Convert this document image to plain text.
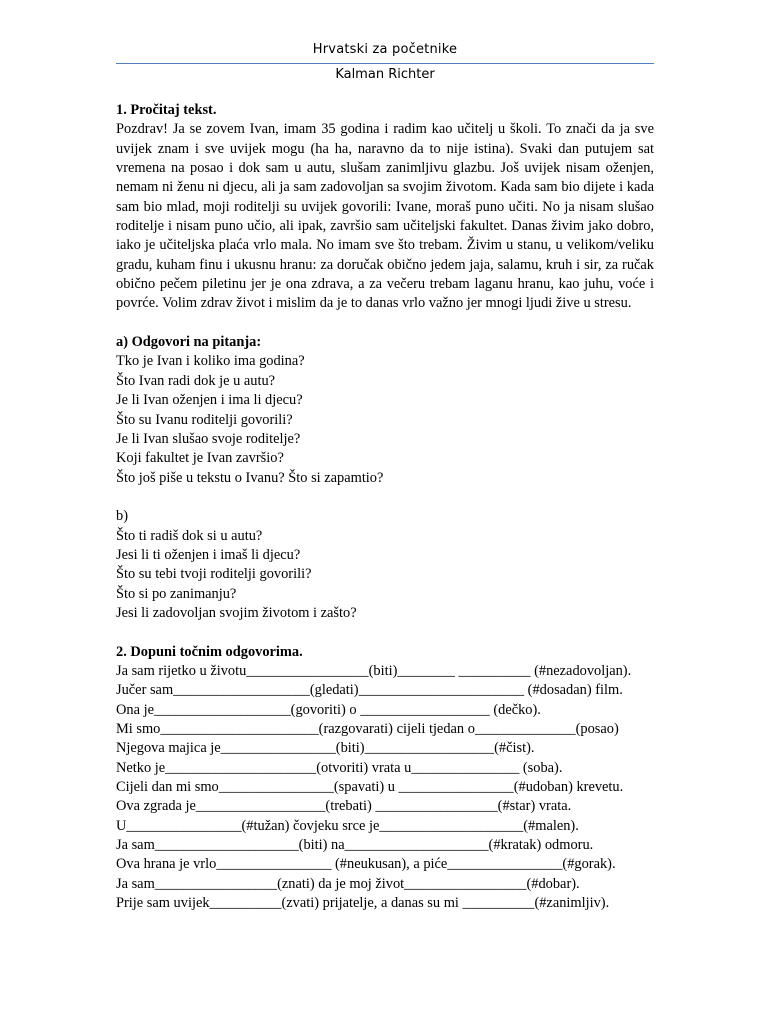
Hrvatski za početnike
Kalman Richter
1. Pročitaj tekst.
Pozdrav! Ja se zovem Ivan, imam 35 godina i radim kao učitelj u školi. To znači da ja sve uvijek znam i sve uvijek mogu (ha ha, naravno da to nije istina). Svaki dan putujem sat vremena na posao i dok sam u autu, slušam zanimljivu glazbu. Još uvijek nisam oženjen, nemam ni ženu ni djecu, ali ja sam zadovoljan sa svojim životom. Kada sam bio dijete i kada sam bio mlad, moji roditelji su uvijek govorili: Ivane, moraš puno učiti. No ja nisam slušao roditelje i nisam puno učio, ali ipak, završio sam učiteljski fakultet. Danas živim jako dobro, iako je učiteljska plaća vrlo mala. No imam sve što trebam. Živim u stanu, u velikom/veliku gradu, kuham finu i ukusnu hranu: za doručak obično jedem jaja, salamu, kruh i sir, za ručak obično pečem piletinu jer je ona zdrava, a za večeru trebam laganu hranu, kao juhu, voće i povrće. Volim zdrav život i mislim da je to danas vrlo važno jer mnogi ljudi žive u stresu.
a) Odgovori na pitanja:
Tko je Ivan i koliko ima godina?
Što Ivan radi dok je u autu?
Je li Ivan oženjen i ima li djecu?
Što su Ivanu roditelji govorili?
Je li Ivan slušao svoje roditelje?
Koji fakultet je Ivan završio?
Što još piše u tekstu o Ivanu? Što si zapamtio?
b)
Što ti radiš dok si u autu?
Jesi li ti oženjen i imaš li djecu?
Što su tebi tvoji roditelji govorili?
Što si po zanimanju?
Jesi li zadovoljan svojim životom i zašto?
2. Dopuni točnim odgovorima.
Ja sam rijetko u životu_________________(biti)________ __________ (#nezadovoljan).
Jučer sam___________________(gledati)_______________________ (#dosadan) film.
Ona je___________________(govoriti) o __________________ (dečko).
Mi smo______________________(razgovarati) cijeli tjedan o______________(posao)
Njegova majica je________________(biti)__________________(#čist).
Netko je_____________________(otvoriti) vrata u_______________ (soba).
Cijeli dan mi smo________________(spavati) u ________________(#udoban) krevetu.
Ova zgrada je__________________(trebati) _________________(#star) vrata.
U________________(#tužan) čovjeku srce je____________________(#malen).
Ja sam____________________(biti) na____________________(#kratak) odmoru.
Ova hrana je vrlo________________ (#neukusan), a piće________________(#gorak).
Ja sam_________________(znati) da je moj život_________________(#dobar).
Prije sam uvijek__________(zvati) prijatelje, a danas su mi __________(#zanimljiv).
